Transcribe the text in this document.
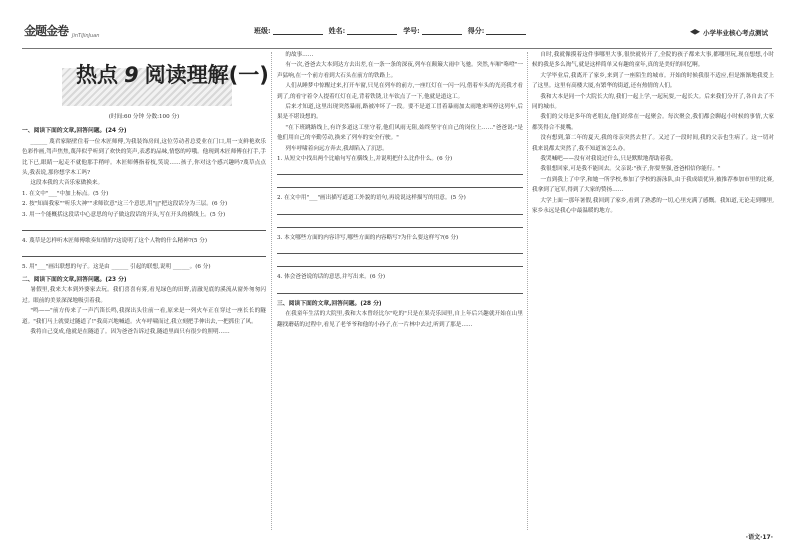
金题金卷 JinTiJinJuan
班级:	姓名:	学号:	得分:	小学毕业核心考点测试
热点 9 阅读理解(一)
(时间:60 分钟 分数:100 分)
一、阅读下面的文章,回答问题。(24 分)

______ 蔑君家隔壁住着一位木匠师傅,为我装饰房间,这位劳动者总爱业在门口,用一支鲜艳欢乐色彩作画,驾声焦焦,蔑萍似乎听到了欢快的笑声,表悉的品味,情悠的哼哦。他现到木匠师傅在打手,手比下已,眼睛一起走不就他那手稍呼。木匠师傅指着枝,笑说……孩子,你对这个感兴趣吗?蔑草点点头,我表说,那你想学木工吗?

这段本我的大音乐家做换来。

1. 在文中"___"中加上标点。(5 分)
2. 按"知面我家""听乐大神""求师钦意"这三个意思,用"||"把这段话分为三层。(6 分)
3. 用一个能概括这段话中心意思的句子做这段话的开头,写在开头的横线上。(5 分)
4. 蔑草是怎样听木匠师傅歌奏知情的?这说明了这个人物的什么精神?(5 分)
5. 用"___"画出联想的句子。这是由 ______ 引起的联想,说明 ______。(6 分)
二、阅读下面的文章,回答问题。(23 分)

暑假里,我来大本到外婆家去玩。我们喜喜有雾,看见绿色的田野,清澈见底的溪流从窗外匆匆闪过。眼前的美景深深地吸引着我。

"鸣——"前方传来了一声汽笛长鸣,我探出头往前一看,原来是一列火车正在穿过一座长长的隧道。"我们马上就要过隧道了!"我高兴地喊道。火车呼啸而过,我立刻把手伸出去,一把抓住了风。

我将自己变成,他就是在隧道了。因为爸爸告诉过我,隧道里面只有很少的照明……

的故事……

有一次,爸爸去大本到达方去出差,在一条一条的深夜,列车在颠簸大雨中飞驰。突然,车厢"咯噔"一声猛响,在一个前方看到大石头在前方的铁路上。

人们从睡梦中惊醒过来,打开车窗,只见在列车的前方,一座红灯在一闪一闪,借着车头的光亮我才看到了,的看守着令人提着红灯在走,背着铁锈,让车钦点了一下,他就是道这工。

后来才知道,这里出现突然暴雨,路被冲坏了一段。要不是道工冒着暴雨加太雨地来叫停这列车,后果是不堪设想的。

"在下班跳路线上,有许多道这工驻守着,他们风雨无阻,始终坚守在自己的岗位上……"爸爸说:"是他们用自己的辛勤劳动,换来了列车的安全行驶。"

列车呼啸着向远方奔去,我却陷入了沉思。

1. 从短文中找出两个比喻句写在横线上,并说明把什么比作什么。(6 分)
2. 在文中用"___"画出描写道道工外貌的语句,再说说这样描写的用意。(5 分)
3. 本文哪些方面的内容详写,哪些方面的内容略写?为什么要这样写?(6 分)
4. 体会爸爸说的话的意思,并写出来。(6 分)
三、阅读下面的文章,回答问题。(28 分)

在我童年生活的大院里,我和大本曾经比尔"吃的"只是在果壳乐园里,自上年后兴趣就开始在山里翻找蘑菇的过程中,看见了老爷爷和他的小孙子,在一片林中去过,听到了那是……

自时,我就像摸着这件事哪里大事,很快就传开了,全院的孩子都来大事,都哪里玩,现在想想,小时候的我是多么淘气,就是这样简单又有趣的童年,真的是美好的回忆啊。

大学毕业后,我离开了家乡,来到了一座陌生的城市。开始的时候我很不适应,但是渐渐地我爱上了这里。这里有高楼大厦,有繁华的街道,还有热情的人们。

我和大本是同一个大院长大的,我们一起上学,一起玩耍,一起长大。后来我们分开了,各自去了不同的城市。

我们的父母是多年的老朋友,他们经常在一起聚会。每次聚会,我们都会聊起小时候的事情,大家都笑得合不拢嘴。

没有想到,第二年的夏天,我的母亲突然去世了。又过了一段时间,我的父亲也生病了。这一切对我来说都太突然了,我不知道该怎么办。

我哭喊吧——没有对我说过什么,只是默默地帮助着我。

我很想回家,可是我不能回去。父亲说:"孩子,你要坚强,爸爸相信你能行。"

一直到我上了中学,和她一所学校,参加了学校的游泳队,由于我成绩优异,被推荐参加市里的比赛,我拿到了冠军,得到了大家的赞扬……

大学上面一那年暑假,我回到了家乡,看到了熟悉的一切,心里充满了感慨。我知道,无论走到哪里,家乡永远是我心中最温暖的地方。

·语文·17·
